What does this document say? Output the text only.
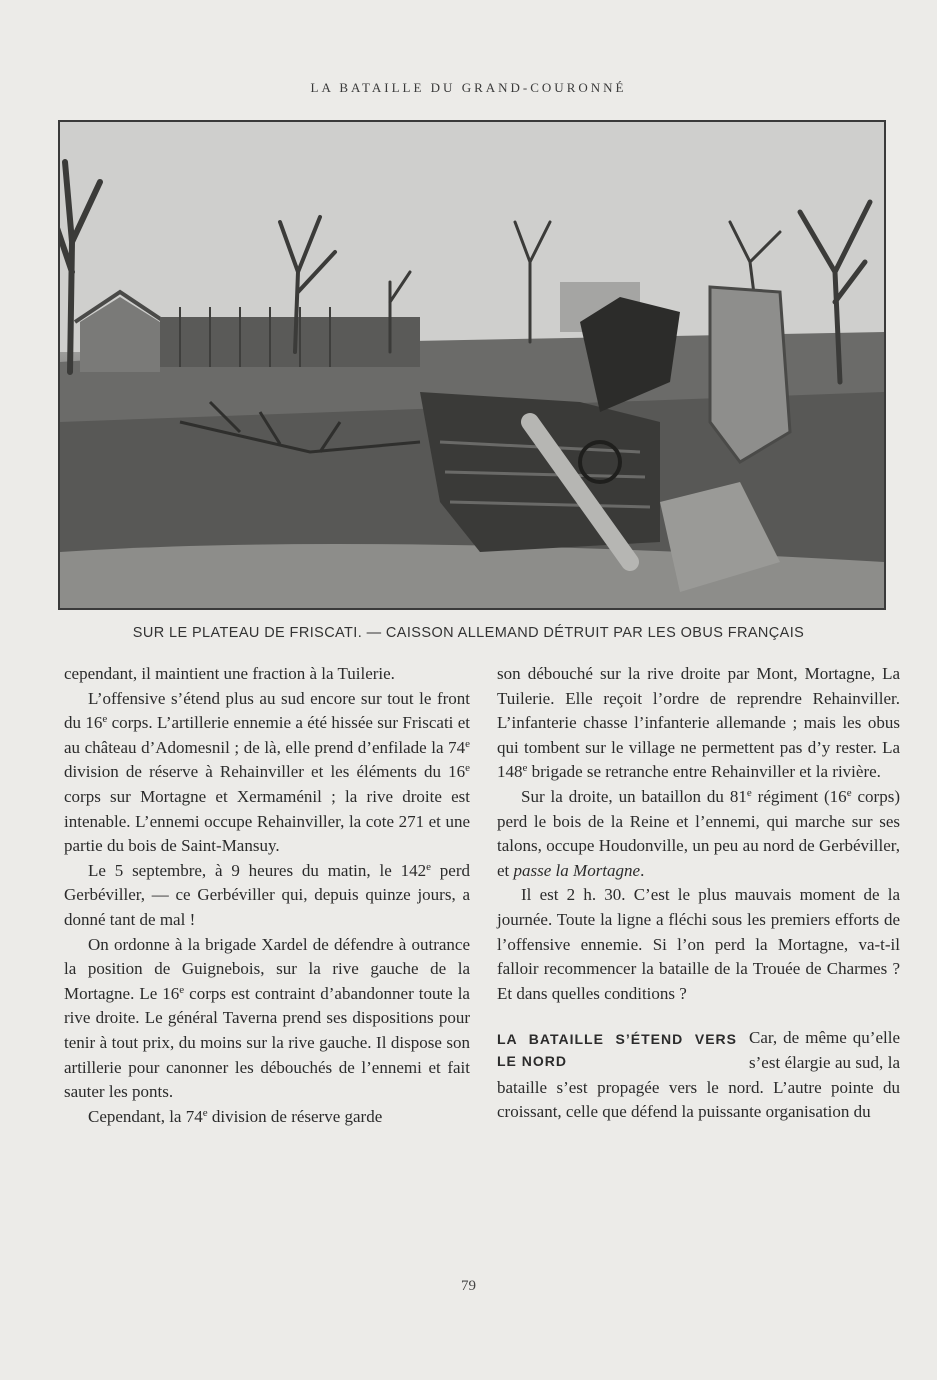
LA BATAILLE DU GRAND-COURONNÉ
SUR LE PLATEAU DE FRISCATI. — CAISSON ALLEMAND DÉTRUIT PAR LES OBUS FRANÇAIS

cependant, il maintient une fraction à la Tuilerie.

L’offensive s’étend plus au sud encore sur tout le front du 16e corps. L’artillerie ennemie a été hissée sur Friscati et au château d’Adomesnil ; de là, elle prend d’enfilade la 74e division de réserve à Rehainviller et les éléments du 16e corps sur Mortagne et Xermaménil ; la rive droite est intenable. L’ennemi occupe Rehainviller, la cote 271 et une partie du bois de Saint-Mansuy.

Le 5 septembre, à 9 heures du matin, le 142e perd Gerbéviller, — ce Gerbéviller qui, depuis quinze jours, a donné tant de mal !

On ordonne à la brigade Xardel de défendre à outrance la position de Guignebois, sur la rive gauche de la Mortagne. Le 16e corps est contraint d’abandonner toute la rive droite. Le général Taverna prend ses dispositions pour tenir à tout prix, du moins sur la rive gauche. Il dispose son artillerie pour canonner les débouchés de l’ennemi et fait sauter les ponts.

Cependant, la 74e division de réserve garde

son débouché sur la rive droite par Mont, Mortagne, La Tuilerie. Elle reçoit l’ordre de reprendre Rehainviller. L’infanterie chasse l’infanterie allemande ; mais les obus qui tombent sur le village ne permettent pas d’y rester. La 148e brigade se retranche entre Rehainviller et la rivière.

Sur la droite, un bataillon du 81e régiment (16e corps) perd le bois de la Reine et l’ennemi, qui marche sur ses talons, occupe Houdonville, un peu au nord de Gerbéviller, et passe la Mortagne.

Il est 2 h. 30. C’est le plus mauvais moment de la journée. Toute la ligne a fléchi sous les premiers efforts de l’offensive ennemie. Si l’on perd la Mortagne, va-t-il falloir recommencer la bataille de la Trouée de Charmes ? Et dans quelles conditions ?

LA BATAILLE S’ÉTEND VERS LE NORD

Car, de même qu’elle s’est élargie au sud, la bataille s’est propagée vers le nord. L’autre pointe du croissant, celle que défend la puissante organisation du

79
